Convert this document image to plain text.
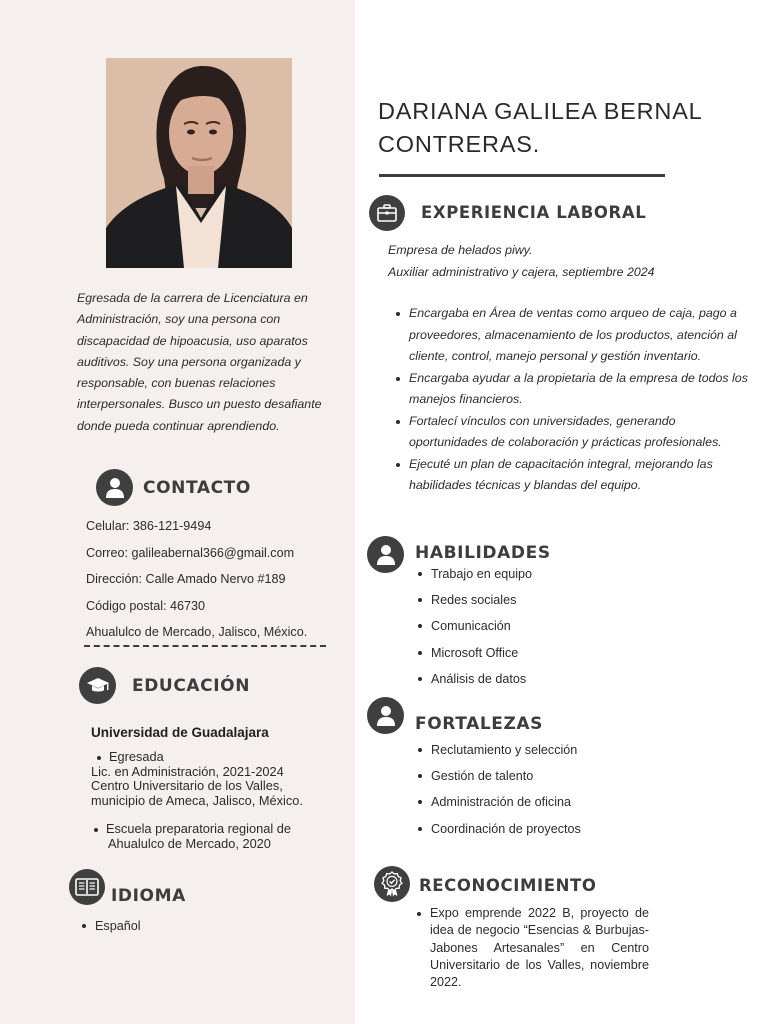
Egresada de la carrera de Licenciatura en Administración, soy una persona con discapacidad de hipoacusia, uso aparatos auditivos. Soy una persona organizada y responsable, con buenas relaciones interpersonales. Busco un puesto desafiante donde pueda continuar aprendiendo.

CONTACTO
Celular: 386-121-9494
Correo: galileabernal366@gmail.com
Dirección: Calle Amado Nervo #189
Código postal: 46730
Ahualulco de Mercado, Jalisco, México.
EDUCACIÓN
Universidad de Guadalajara
Egresada
Lic. en Administración, 2021-2024
Centro Universitario de los Valles,
municipio de Ameca, Jalisco, México.
Escuela preparatoria regional de
Ahualulco de Mercado, 2020
IDIOMA
Español
DARIANA GALILEA BERNAL
CONTRERAS.
EXPERIENCIA LABORAL
Empresa de helados piwy.
Auxiliar administrativo y cajera, septiembre 2024
Encargaba en Área de ventas como arqueo de caja, pago a proveedores, almacenamiento de los productos, atención al cliente, control, manejo personal y gestión inventario.
Encargaba ayudar a la propietaria de la empresa de todos los manejos financieros.
Fortalecí vínculos con universidades, generando oportunidades de colaboración y prácticas profesionales.
Ejecuté un plan de capacitación integral, mejorando las habilidades técnicas y blandas del equipo.
HABILIDADES
Trabajo en equipo
Redes sociales
Comunicación
Microsoft Office
Análisis de datos
FORTALEZAS
Reclutamiento y selección
Gestión de talento
Administración de oficina
Coordinación de proyectos
RECONOCIMIENTO
Expo emprende 2022 B, proyecto de idea de negocio “Esencias & Burbujas-Jabones Artesanales” en Centro Universitario de los Valles, noviembre 2022.
